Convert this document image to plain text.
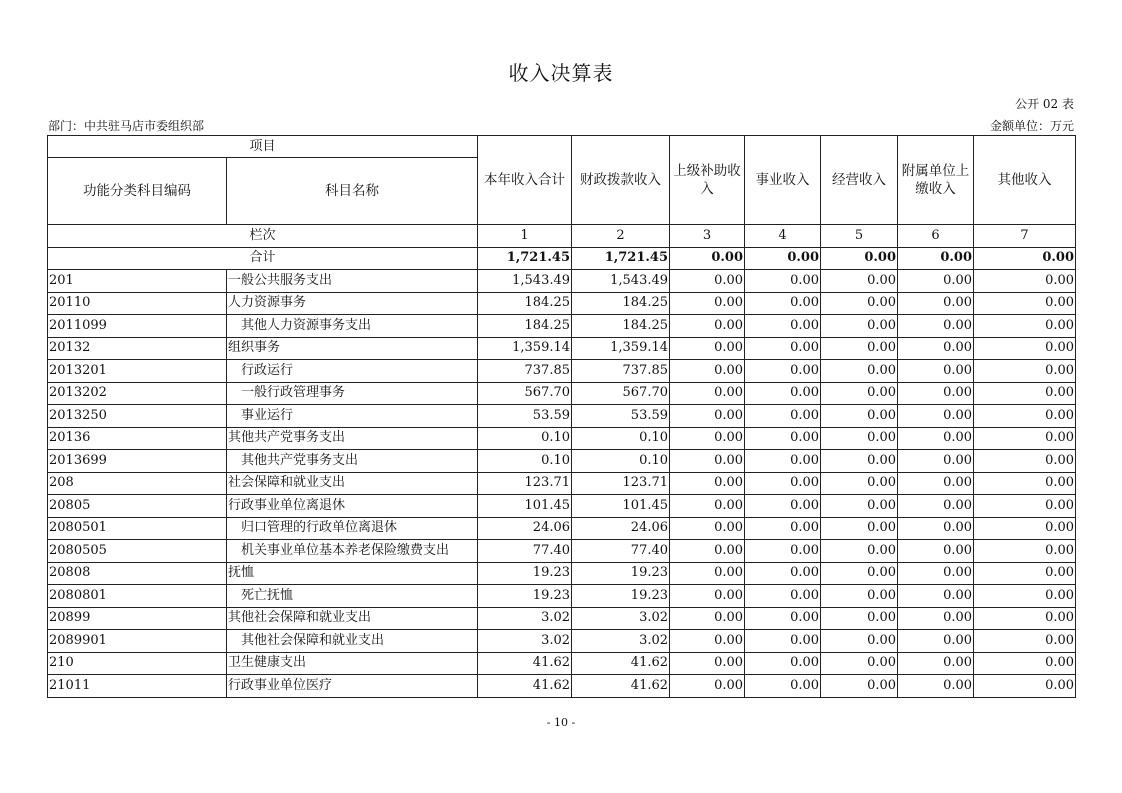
收入决算表
公开 02 表
部门：中共驻马店市委组织部	金额单位：万元
项目		本年收入合计	财政拨款收入	上级补助收入	事业收入	经营收入	附属单位上缴收入	其他收入
功能分类科目编码	科目名称							
栏次		1	2	3	4	5	6	7
合计		1,721.45	1,721.45	0.00	0.00	0.00	0.00	0.00
201	一般公共服务支出	1,543.49	1,543.49	0.00	0.00	0.00	0.00	0.00
20110	人力资源事务	184.25	184.25	0.00	0.00	0.00	0.00	0.00
2011099	其他人力资源事务支出	184.25	184.25	0.00	0.00	0.00	0.00	0.00
20132	组织事务	1,359.14	1,359.14	0.00	0.00	0.00	0.00	0.00
2013201	行政运行	737.85	737.85	0.00	0.00	0.00	0.00	0.00
2013202	一般行政管理事务	567.70	567.70	0.00	0.00	0.00	0.00	0.00
2013250	事业运行	53.59	53.59	0.00	0.00	0.00	0.00	0.00
20136	其他共产党事务支出	0.10	0.10	0.00	0.00	0.00	0.00	0.00
2013699	其他共产党事务支出	0.10	0.10	0.00	0.00	0.00	0.00	0.00
208	社会保障和就业支出	123.71	123.71	0.00	0.00	0.00	0.00	0.00
20805	行政事业单位离退休	101.45	101.45	0.00	0.00	0.00	0.00	0.00
2080501	归口管理的行政单位离退休	24.06	24.06	0.00	0.00	0.00	0.00	0.00
2080505	机关事业单位基本养老保险缴费支出	77.40	77.40	0.00	0.00	0.00	0.00	0.00
20808	抚恤	19.23	19.23	0.00	0.00	0.00	0.00	0.00
2080801	死亡抚恤	19.23	19.23	0.00	0.00	0.00	0.00	0.00
20899	其他社会保障和就业支出	3.02	3.02	0.00	0.00	0.00	0.00	0.00
2089901	其他社会保障和就业支出	3.02	3.02	0.00	0.00	0.00	0.00	0.00
210	卫生健康支出	41.62	41.62	0.00	0.00	0.00	0.00	0.00
21011	行政事业单位医疗	41.62	41.62	0.00	0.00	0.00	0.00	0.00
- 10 -
